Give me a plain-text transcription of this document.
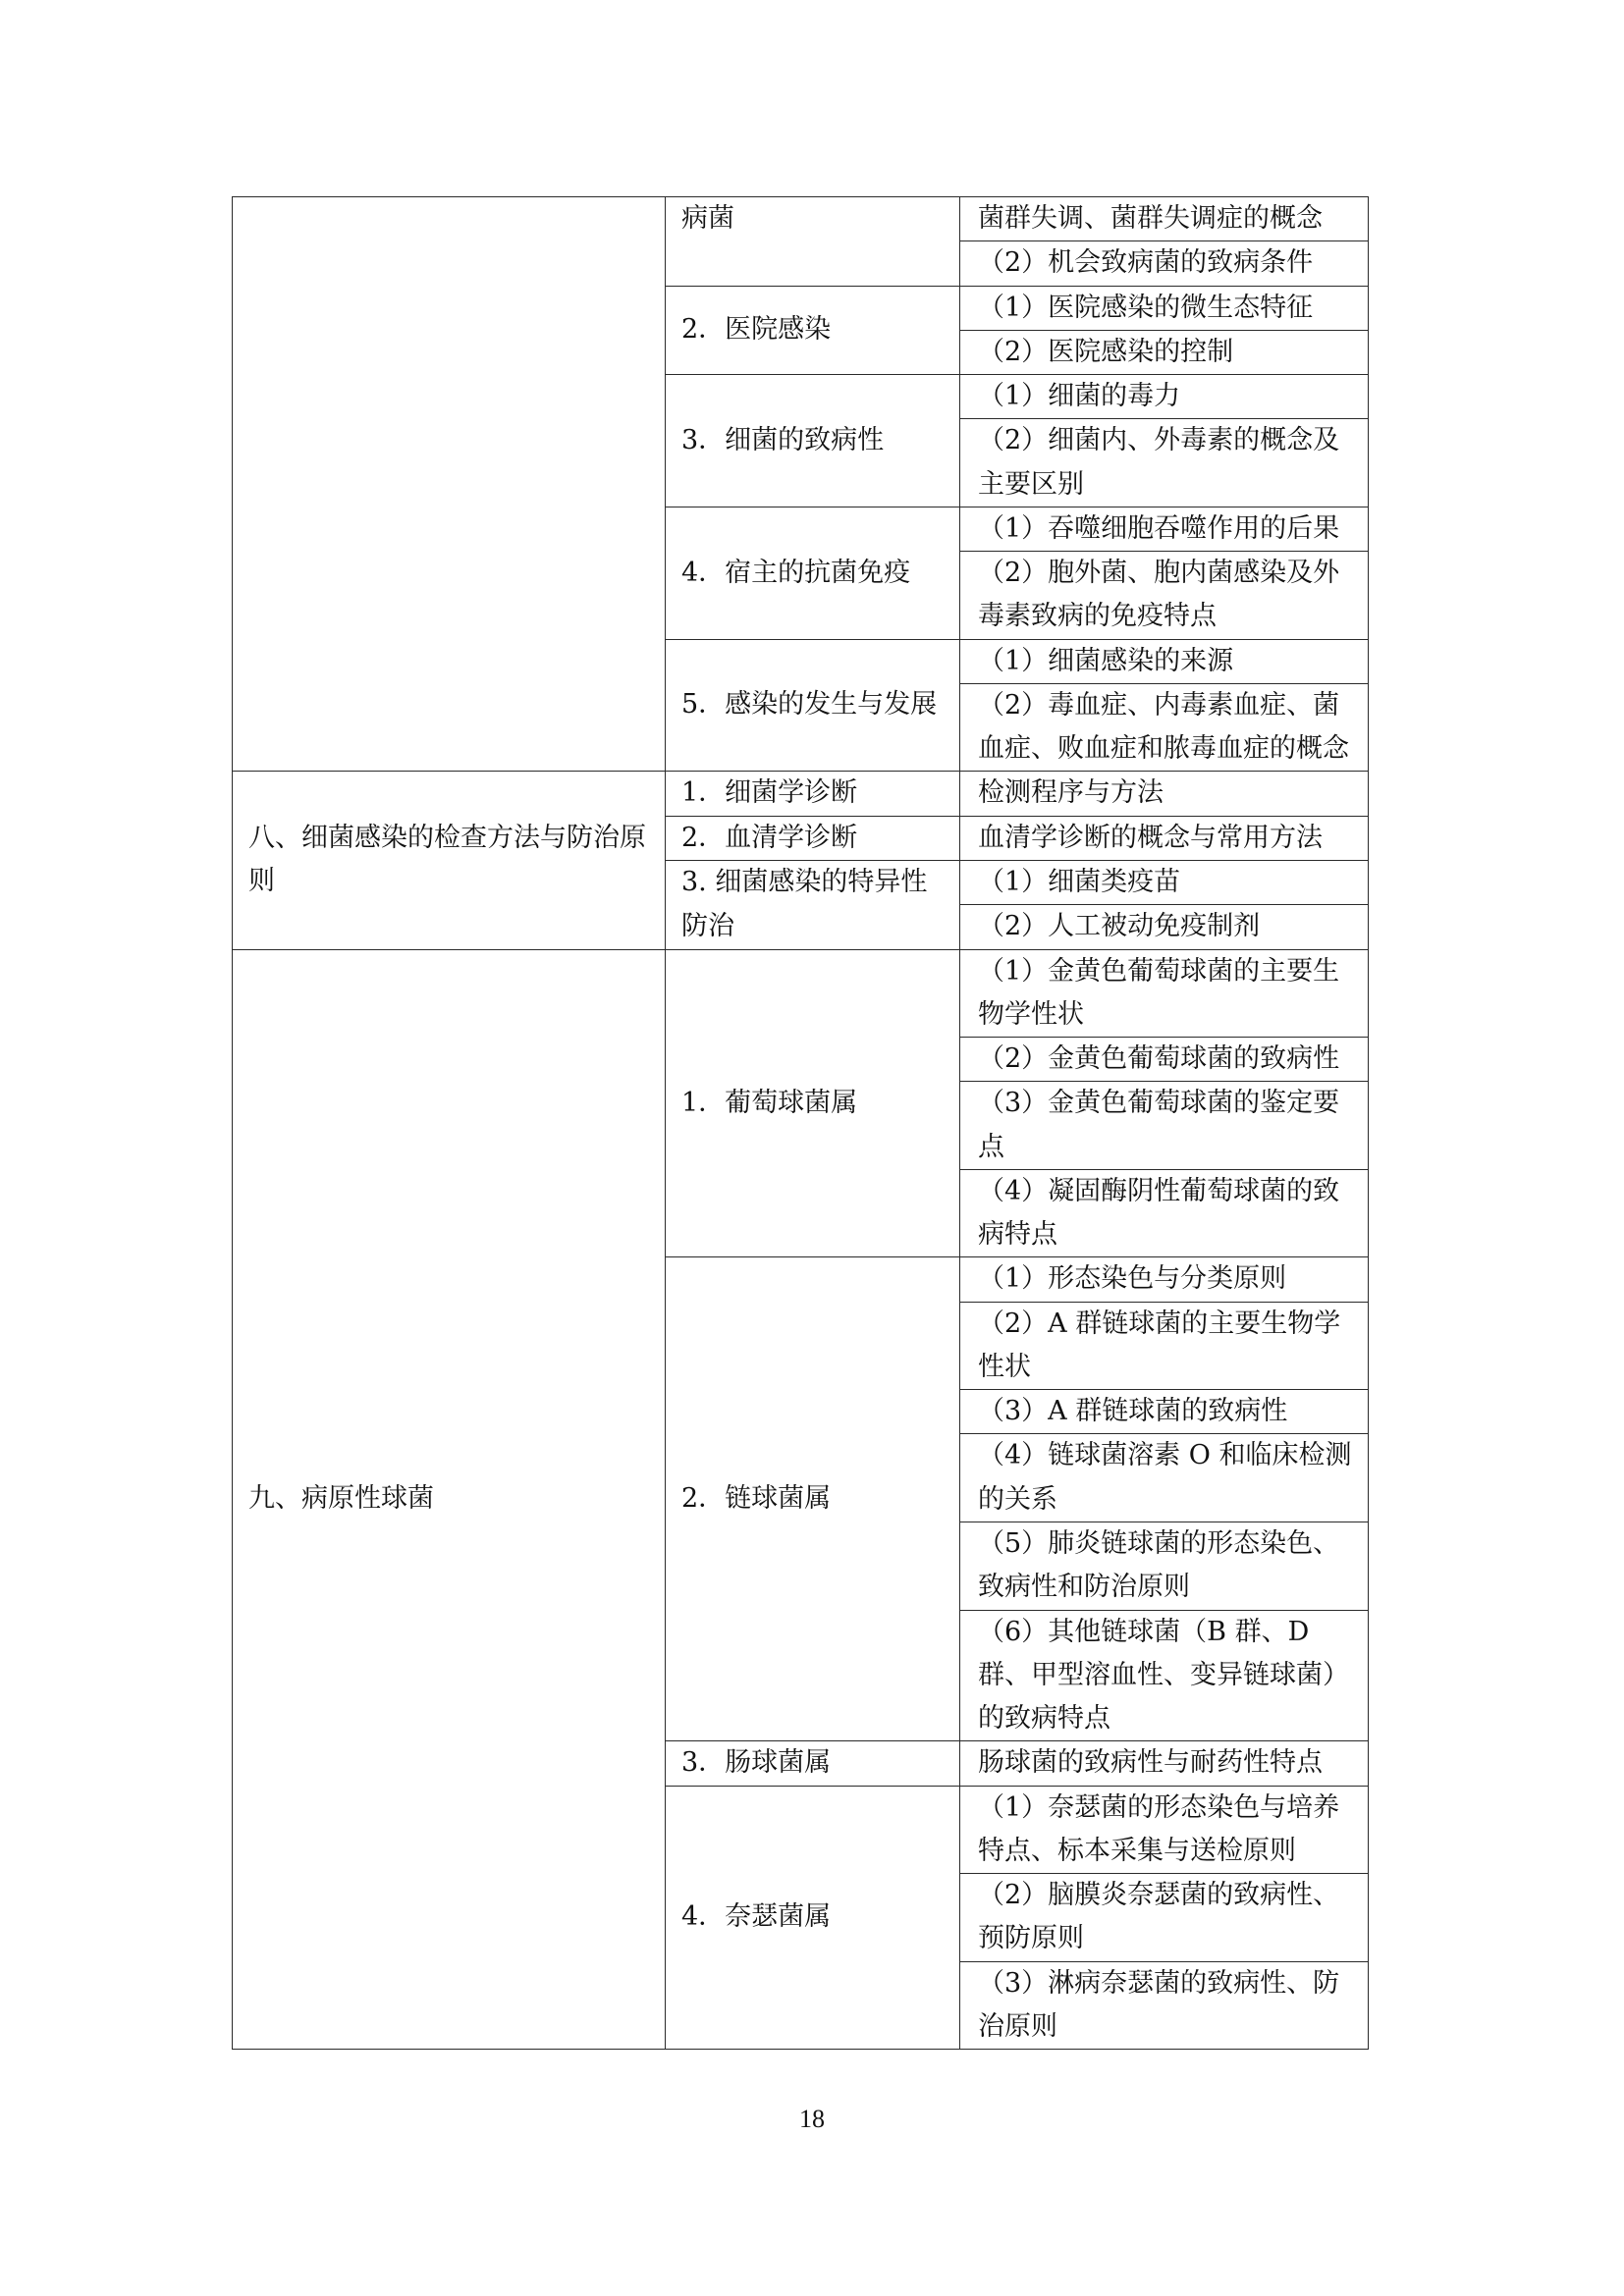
	病菌	菌群失调、菌群失调症的概念
		（2）机会致病菌的致病条件
	2．医院感染	（1）医院感染的微生态特征
		（2）医院感染的控制
	3．细菌的致病性	（1）细菌的毒力
		（2）细菌内、外毒素的概念及主要区别
	4．宿主的抗菌免疫	（1）吞噬细胞吞噬作用的后果
		（2）胞外菌、胞内菌感染及外毒素致病的免疫特点
	5．感染的发生与发展	（1）细菌感染的来源
		（2）毒血症、内毒素血症、菌血症、败血症和脓毒血症的概念
八、细菌感染的检查方法与防治原则	1．细菌学诊断	检测程序与方法
	2．血清学诊断	血清学诊断的概念与常用方法
	3. 细菌感染的特异性防治	（1）细菌类疫苗
		（2）人工被动免疫制剂
九、病原性球菌	1．葡萄球菌属	（1）金黄色葡萄球菌的主要生物学性状
		（2）金黄色葡萄球菌的致病性
		（3）金黄色葡萄球菌的鉴定要点
		（4）凝固酶阴性葡萄球菌的致病特点
	2．链球菌属	（1）形态染色与分类原则
		（2）A 群链球菌的主要生物学性状
		（3）A 群链球菌的致病性
		（4）链球菌溶素 O 和临床检测的关系
		（5）肺炎链球菌的形态染色、致病性和防治原则
		（6）其他链球菌（B 群、D 群、甲型溶血性、变异链球菌）的致病特点
	3．肠球菌属	肠球菌的致病性与耐药性特点
	4．奈瑟菌属	（1）奈瑟菌的形态染色与培养特点、标本采集与送检原则
		（2）脑膜炎奈瑟菌的致病性、预防原则
		（3）淋病奈瑟菌的致病性、防治原则
18
